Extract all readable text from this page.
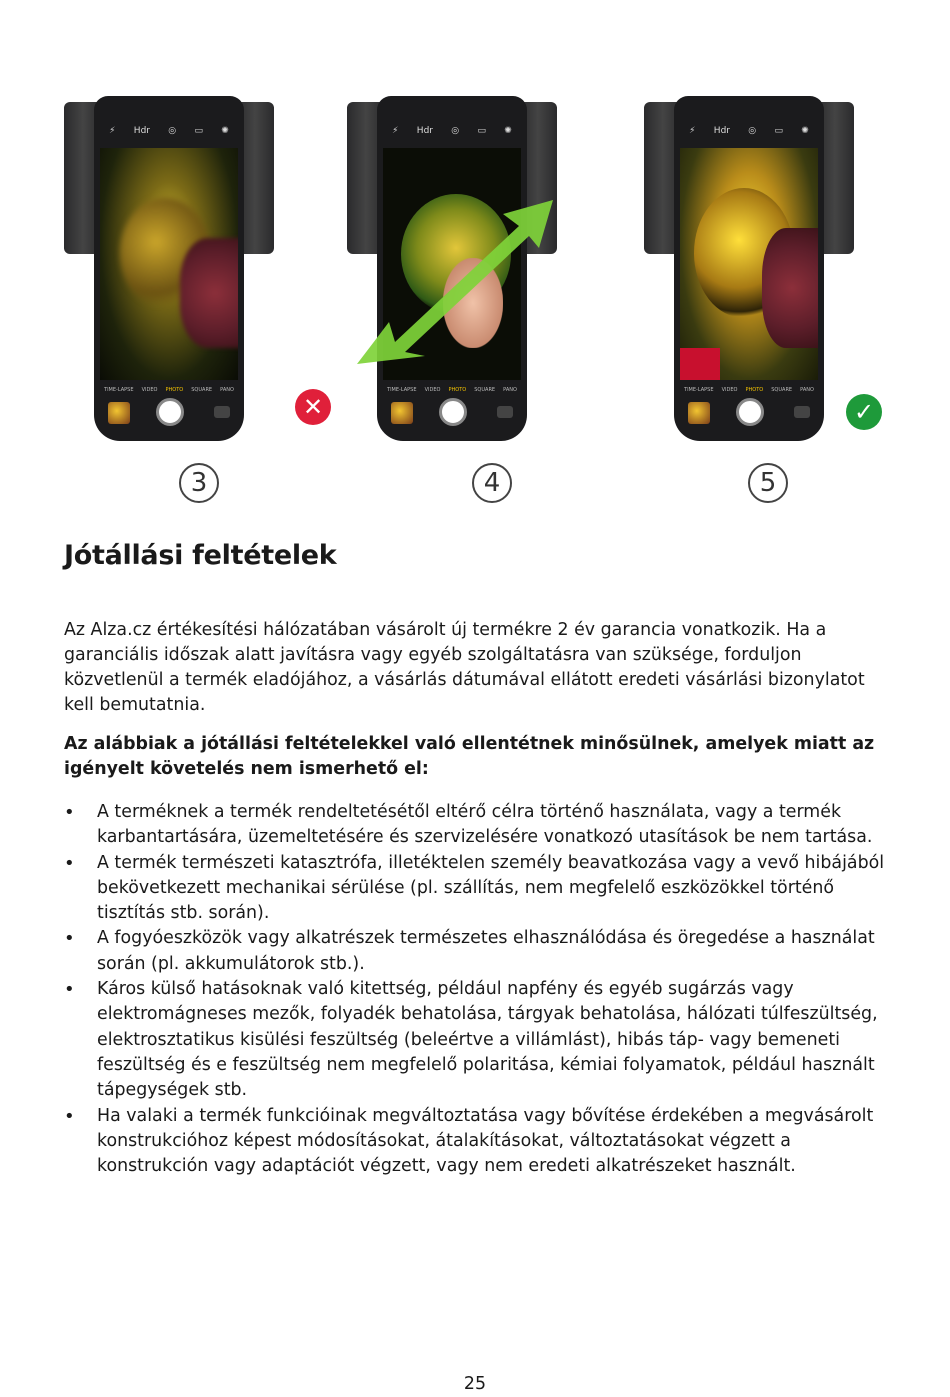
⚡ Hdr ◎ ▭ ✺
TIME-LAPSE VIDEO PHOTO SQUARE PANO
✕
3
⚡ Hdr ◎ ▭ ✺
TIME-LAPSE VIDEO PHOTO SQUARE PANO
4
⚡ Hdr ◎ ▭ ✺
TIME-LAPSE VIDEO PHOTO SQUARE PANO
✓
5
Jótállási feltételek

Az Alza.cz értékesítési hálózatában vásárolt új termékre 2 év garancia vonatkozik. Ha a garanciális időszak alatt javításra vagy egyéb szolgáltatásra van szüksége, forduljon közvetlenül a termék eladójához, a vásárlás dátumával ellátott eredeti vásárlási bizonylatot kell bemutatnia.

Az alábbiak a jótállási feltételekkel való ellentétnek minősülnek, amelyek miatt az igényelt követelés nem ismerhető el:

• A terméknek a termék rendeltetésétől eltérő célra történő használata, vagy a termék karbantartására, üzemeltetésére és szervizelésére vonatkozó utasítások be nem tartása.
• A termék természeti katasztrófa, illetéktelen személy beavatkozása vagy a vevő hibájából bekövetkezett mechanikai sérülése (pl. szállítás, nem megfelelő eszközökkel történő tisztítás stb. során).
• A fogyóeszközök vagy alkatrészek természetes elhasználódása és öregedése a használat során (pl. akkumulátorok stb.).
• Káros külső hatásoknak való kitettség, például napfény és egyéb sugárzás vagy elektromágneses mezők, folyadék behatolása, tárgyak behatolása, hálózati túlfeszültség, elektrosztatikus kisülési feszültség (beleértve a villámlást), hibás táp- vagy bemeneti feszültség és e feszültség nem megfelelő polaritása, kémiai folyamatok, például használt tápegységek stb.
• Ha valaki a termék funkcióinak megváltoztatása vagy bővítése érdekében a megvásárolt konstrukcióhoz képest módosításokat, átalakításokat, változtatásokat végzett a konstrukción vagy adaptációt végzett, vagy nem eredeti alkatrészeket használt.
25
